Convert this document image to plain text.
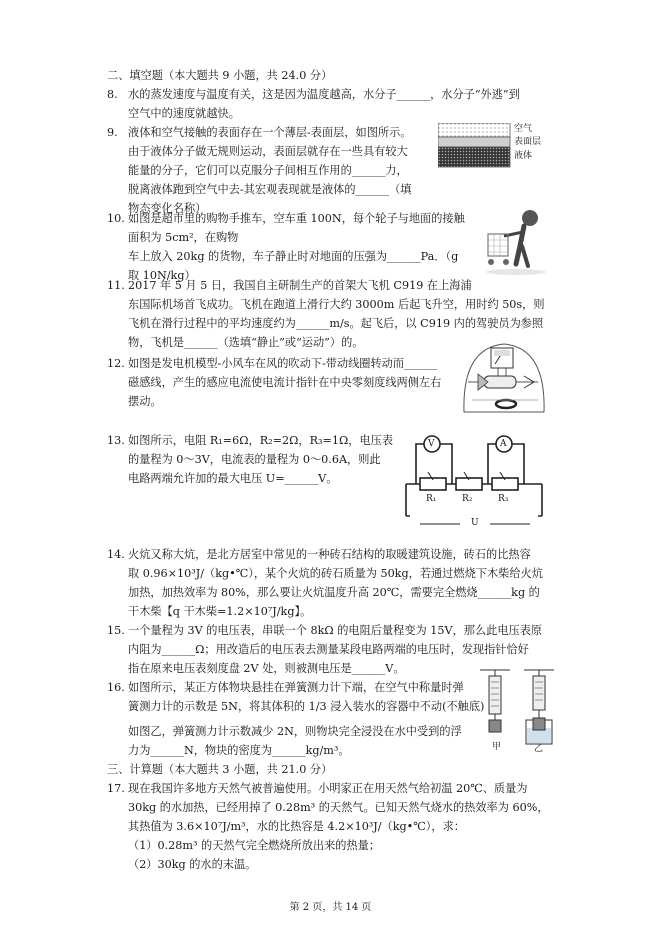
二、填空题（本大题共 9 小题，共 24.0 分）
8. 水的蒸发速度与温度有关，这是因为温度越高，水分子______，水分子“外逃”到
空气中的速度就越快。
9. 液体和空气接触的表面存在一个薄层-表面层，如图所示。
由于液体分子做无规则运动，表面层就存在一些具有较大
能量的分子，它们可以克服分子间相互作用的______力，
脱离液体跑到空气中去-其宏观表现就是液体的______（填
物态变化名称）
空气
表面层
液体
10. 如图是超市里的购物手推车，空车重 100N，每个轮子与地面的接触
面积为 5cm²，在购物
车上放入 20kg 的货物，车子静止时对地面的压强为______Pa．（g
取 10N/kg）
11. 2017 年 5 月 5 日，我国自主研制生产的首架大飞机 C919 在上海浦
东国际机场首飞成功。飞机在跑道上滑行大约 3000m 后起飞升空，用时约 50s，则
飞机在滑行过程中的平均速度约为______m/s。起飞后，以 C919 内的驾驶员为参照
物，飞机是______（选填“静止”或“运动”）的。
12. 如图是发电机模型-小风车在风的吹动下-带动线圈转动而______
磁感线，产生的感应电流使电流计指针在中央零刻度线两侧左右
摆动。
13. 如图所示，电阻 R₁=6Ω，R₂=2Ω，R₃=1Ω，电压表
的量程为 0～3V，电流表的量程为 0～0.6A，则此
电路两端允许加的最大电压 U=______V。
V	A
R₁	R₂	R₃
U
14. 火炕又称大炕，是北方居室中常见的一种砖石结构的取暖建筑设施，砖石的比热容
取 0.96×10³J/（kg•℃），某个火炕的砖石质量为 50kg，若通过燃烧下木柴给火炕
加热，加热效率为 80%，那么要让火炕温度升高 20℃，需要完全燃烧______kg 的
干木柴【q 干木柴=1.2×10⁷J/kg】。
15. 一个量程为 3V 的电压表，串联一个 8kΩ 的电阻后量程变为 15V，那么此电压表原
内阻为______Ω；用改造后的电压表去测量某段电路两端的电压时，发现指针恰好
指在原来电压表刻度盘 2V 处，则被测电压是______V。
16. 如图所示，某正方体物块悬挂在弹簧测力计下端，在空气中称量时弹
簧测力计的示数是 5N，将其体积的 1/3 浸入装水的容器中不动(不触底)
如图乙，弹簧测力计示数减少 2N，则物块完全浸没在水中受到的浮
力为______N，物块的密度为______kg/m³。	甲	乙
三、计算题（本大题共 3 小题，共 21.0 分）
17. 现在我国许多地方天然气被普遍使用。小明家正在用天然气给初温 20℃、质量为
30kg 的水加热，已经用掉了 0.28m³ 的天然气。已知天然气烧水的热效率为 60%，
其热值为 3.6×10⁷J/m³，水的比热容是 4.2×10³J/（kg•℃），求：
（1）0.28m³ 的天然气完全燃烧所放出来的热量；
（2）30kg 的水的末温。
第 2 页，共 14 页
